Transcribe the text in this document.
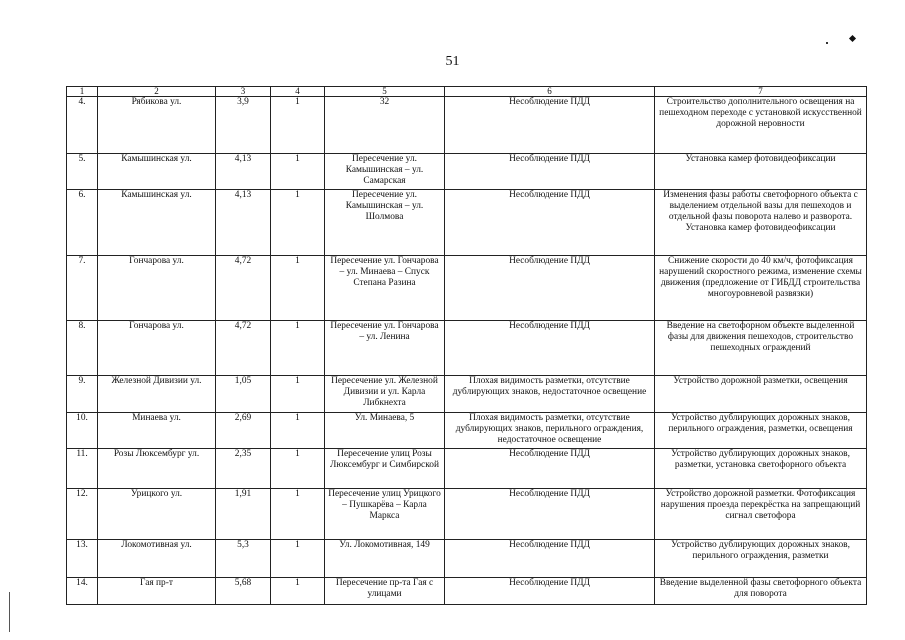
51
1	2	3	4	5	6	7
4.	Рябикова ул.	3,9	1	32	Несоблюдение ПДД	Строительство дополнительного освещения на пешеходном переходе с установкой искусственной дорожной неровности
5.	Камышинская ул.	4,13	1	Пересечение ул. Камышинская – ул. Самарская	Несоблюдение ПДД	Установка камер фотовидеофиксации
6.	Камышинская ул.	4,13	1	Пересечение ул. Камышинская – ул. Шолмова	Несоблюдение ПДД	Изменения фазы работы светофорного объекта с выделением отдельной вазы для пешеходов и отдельной фазы поворота налево и разворота. Установка камер фотовидеофиксации
7.	Гончарова ул.	4,72	1	Пересечение ул. Гончарова – ул. Минаева – Спуск Степана Разина	Несоблюдение ПДД	Снижение скорости до 40 км/ч, фотофиксация нарушений скоростного режима, изменение схемы движения (предложение от ГИБДД строительства многоуровневой развязки)
8.	Гончарова ул.	4,72	1	Пересечение ул. Гончарова – ул. Ленина	Несоблюдение ПДД	Введение на светофорном объекте выделенной фазы для движения пешеходов, строительство пешеходных ограждений
9.	Железной Дивизии ул.	1,05	1	Пересечение ул. Железной Дивизии и ул. Карла Либкнехта	Плохая видимость разметки, отсутствие дублирующих знаков, недостаточное освещение	Устройство дорожной разметки, освещения
10.	Минаева ул.	2,69	1	Ул. Минаева, 5	Плохая видимость разметки, отсутствие дублирующих знаков, перильного ограждения, недостаточное освещение	Устройство дублирующих дорожных знаков, перильного ограждения, разметки, освещения
11.	Розы Люксембург ул.	2,35	1	Пересечение улиц Розы Люксембург и Симбирской	Несоблюдение ПДД	Устройство дублирующих дорожных знаков, разметки, установка светофорного объекта
12.	Урицкого ул.	1,91	1	Пересечение улиц Урицкого – Пушкарёва – Карла Маркса	Несоблюдение ПДД	Устройство дорожной разметки. Фотофиксация нарушения проезда перекрёстка на запрещающий сигнал светофора
13.	Локомотивная ул.	5,3	1	Ул. Локомотивная, 149	Несоблюдение ПДД	Устройство дублирующих дорожных знаков, перильного ограждения, разметки
14.	Гая пр-т	5,68	1	Пересечение пр-та Гая с улицами	Несоблюдение ПДД	Введение выделенной фазы светофорного объекта для поворота
